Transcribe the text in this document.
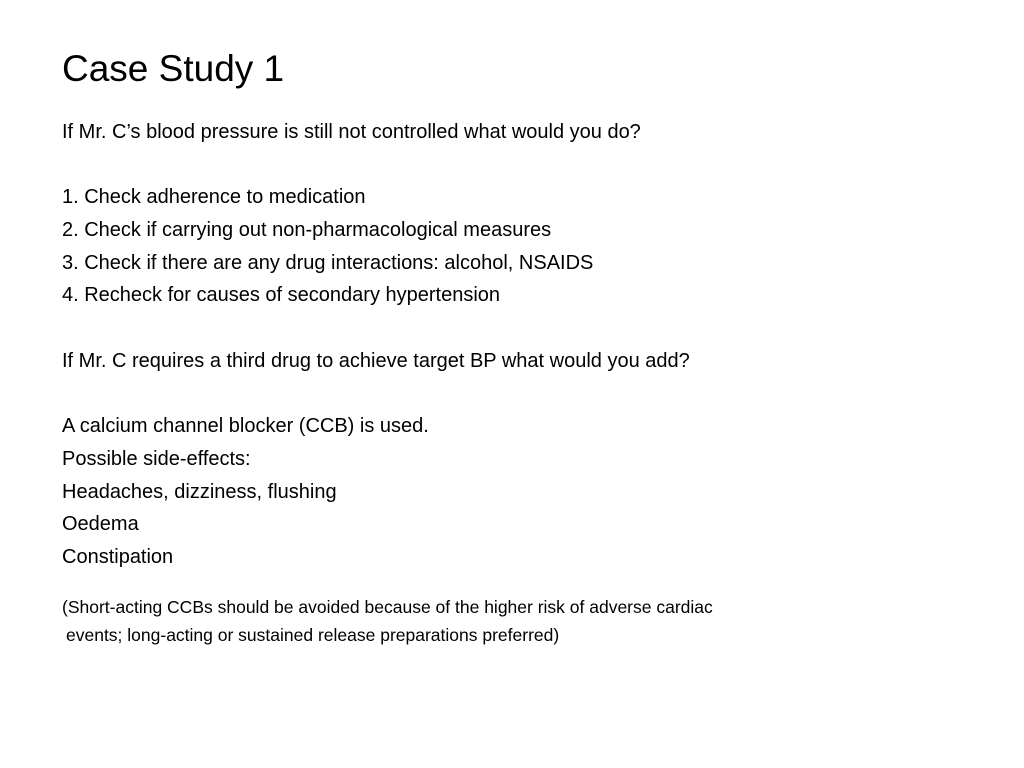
Case Study 1
If Mr. C’s blood pressure is still not controlled what would you do?
1. Check adherence to medication
2. Check if carrying out non-pharmacological measures
3. Check if there are any drug interactions: alcohol, NSAIDS
4. Recheck for causes of secondary hypertension
If Mr. C requires a third drug to achieve target BP what would you add?
A calcium channel blocker (CCB) is used.
Possible side-effects:
Headaches, dizziness, flushing
Oedema
Constipation
(Short-acting CCBs should be avoided because of the higher risk of adverse cardiac
events; long-acting or sustained release preparations preferred)
